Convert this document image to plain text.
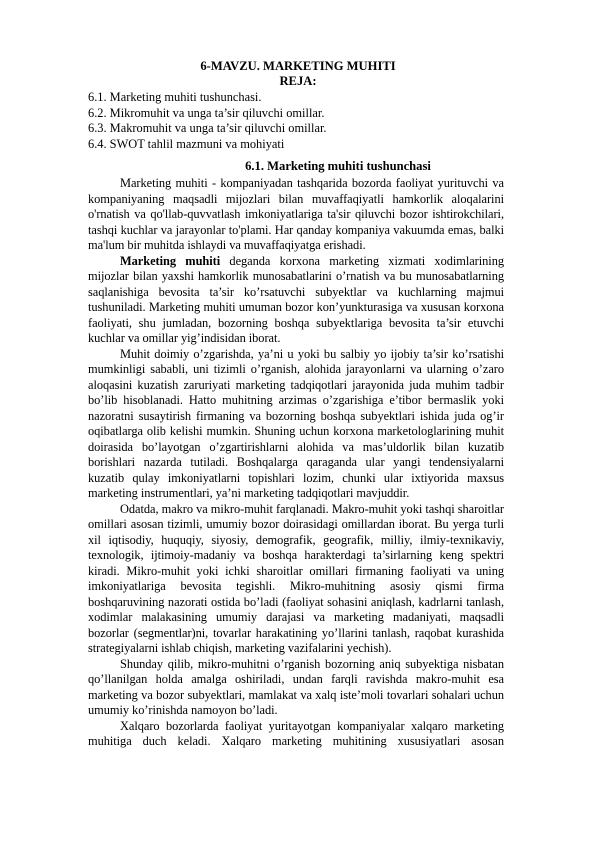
6-MAVZU. MARKETING MUHITI
REJA:
6.1. Marketing muhiti tushunchasi.
6.2. Mikromuhit va unga ta’sir qiluvchi omillar.
6.3. Makromuhit va unga ta’sir qiluvchi omillar.
6.4. SWOT tahlil mazmuni va mohiyati
6.1. Marketing muhiti tushunchasi

Marketing muhiti - kompaniyadan tashqarida bozorda faoliyat yurituvchi va kompaniyaning maqsadli mijozlari bilan muvaffaqiyatli hamkorlik aloqalarini o'rnatish va qo'llab-quvvatlash imkoniyatlariga ta'sir qiluvchi bozor ishtirokchilari, tashqi kuchlar va jarayonlar to'plami. Har qanday kompaniya vakuumda emas, balki ma'lum bir muhitda ishlaydi va muvaffaqiyatga erishadi.

Marketing muhiti deganda korxona marketing xizmati xodimlarining mijozlar bilan yaxshi hamkorlik munosabatlarini o’rnatish va bu munosabatlarning saqlanishiga bevosita ta’sir ko’rsatuvchi subyektlar va kuchlarning majmui tushuniladi. Marketing muhiti umuman bozor kon’yunkturasiga va xususan korxona faoliyati, shu jumladan, bozorning boshqa subyektlariga bevosita ta’sir etuvchi kuchlar va omillar yig’indisidan iborat.

Muhit doimiy o’zgarishda, ya’ni u yoki bu salbiy yo ijobiy ta’sir ko’rsatishi mumkinligi sababli, uni tizimli o’rganish, alohida jarayonlarni va ularning o’zaro aloqasini kuzatish zaruriyati marketing tadqiqotlari jarayonida juda muhim tadbir bo’lib hisoblanadi. Hatto muhitning arzimas o’zgarishiga e’tibor bermaslik yoki nazoratni susaytirish firmaning va bozorning boshqa subyektlari ishida juda og’ir oqibatlarga olib kelishi mumkin. Shuning uchun korxona marketologlarining muhit doirasida bo’layotgan o’zgartirishlarni alohida va mas’uldorlik bilan kuzatib borishlari nazarda tutiladi. Boshqalarga qaraganda ular yangi tendensiyalarni kuzatib qulay imkoniyatlarni topishlari lozim, chunki ular ixtiyorida maxsus marketing instrumentlari, ya’ni marketing tadqiqotlari mavjuddir.

Odatda, makro va mikro-muhit farqlanadi. Makro-muhit yoki tashqi sharoitlar omillari asosan tizimli, umumiy bozor doirasidagi omillardan iborat. Bu yerga turli xil iqtisodiy, huquqiy, siyosiy, demografik, geografik, milliy, ilmiy-texnikaviy, texnologik, ijtimoiy-madaniy va boshqa harakterdagi ta’sirlarning keng spektri kiradi. Mikro-muhit yoki ichki sharoitlar omillari firmaning faoliyati va uning imkoniyatlariga bevosita tegishli. Mikro-muhitning asosiy qismi firma boshqaruvining nazorati ostida bo’ladi (faoliyat sohasini aniqlash, kadrlarni tanlash, xodimlar malakasining umumiy darajasi va marketing madaniyati, maqsadli bozorlar (segmentlar)ni, tovarlar harakatining yo’llarini tanlash, raqobat kurashida strategiyalarni ishlab chiqish, marketing vazifalarini yechish).

Shunday qilib, mikro-muhitni o’rganish bozorning aniq subyektiga nisbatan qo’llanilgan holda amalga oshiriladi, undan farqli ravishda makro-muhit esa marketing va bozor subyektlari, mamlakat va xalq iste’moli tovarlari sohalari uchun umumiy ko’rinishda namoyon bo’ladi.

Xalqaro bozorlarda faoliyat yuritayotgan kompaniyalar xalqaro marketing muhitiga duch keladi. Xalqaro marketing muhitining xususiyatlari asosan
